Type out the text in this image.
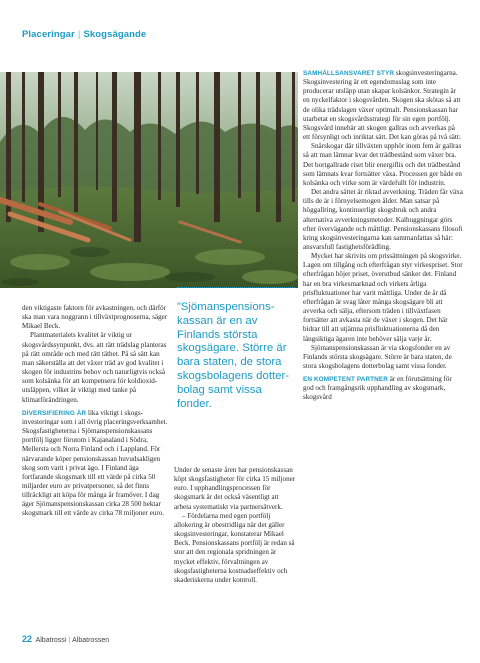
Placeringar | Skogsägande

den viktigaste faktorn för avkastningen, och därför ska man vara noggrann i tillväxtprognoserna, säger Mikael Beck.

Plantmaterialets kvalitet är viktig ur skogsvårdssynpunkt, dvs. att rätt trädslag planteras på rätt område och med rätt täthet. På så sätt kan man säkerställa att det växer träd av god kvalitet i skogen för industrins behov och naturligtvis också som kolsänka för att kompensera för koldioxidutsläppen, vilket är viktigt med tanke på klimatförändringen.

DIVERSIFIERING ÄR lika viktigt i skogsinvesteringar som i all övrig placeringsverksamhet. Skogsfastigheterna i Sjömanspensionskassans portfölj ligger förutom i Kajanaland i Södra, Mellersta och Norra Finland och i Lappland. För närvarande köper pensionskassan huvudsakligen skog som varit i privat ägo. I Finland äga fortfarande skogsmark till ett värde på cirka 50 miljarder euro av privatpersoner, så det finns tillräckligt att köpa för många år framöver. I dag äger Sjömanspensionskassan cirka 28 500 hektar skogsmark till ett värde av cirka 78 miljoner euro.

”Sjömanspensionskassan är en av Finlands största skogsägare. Större är bara staten, de stora skogsbolagens dotterbolag samt vissa fonder.

Under de senaste åren har pensionskassan köpt skogsfastigheter för cirka 15 miljoner euro. I upphandlingsprocessen för skogsmark är det också väsentligt att arbeta systematiskt via partnersätverk.

– Fördelarna med egen portfölj allokering är obestridliga när det gäller skogsinvesteringar, konstaterar Mikael Beck. Pensionskassans portfölj är redan så stor att den regionala spridningen är mycket effektiv, förvaltningen av skogsfastigheterna kostnadseffektiv och skaderiskerna under kontroll.

SAMHÄLLSANSVARET STYR skogsinvesteringarna. Skogsinvestering är ett egendomsslag som inte producerar utsläpp utan skapar kolsänkor. Strategin är en nyckelfaktor i skogsvården. Skogen ska skötas så att de olika trädslagen växer optimalt. Pensionskassan har utarbetat en skogsvårdsstrategi för sin egen portfölj. Skogsvård innebär att skogen gallras och avverkas på ett försynligt och inriktat sätt. Det kan göras på två sätt:

Snårskogar där tillväxten upphör inom fem år gallras så att man lämnar kvar det trädbestånd som växer bra. Det bortgallrade riset blir energiflis och det trädbestånd som lämnats kvar fortsätter växa. Processen ger både en kolsänka och virke som är värdefullt för industrin.

Det andra sättet är riktad avverkning. Träden får växa tills de är i förnyelsemogen ålder. Man satsar på höggallring, kontinuerligt skogsbruk och andra alternativa avverkningsmetoder. Kalhuggningar görs efter övervägande och måttligt. Pensionskassans filosofi kring skogsinvesteringarna kan sammanfattas så här: ansvarsfull fastighetsförädling.

Mycket har skrivits om prissättningen på skogsvirke. Lagen om tillgång och efterfrågan styr virkespriset. Stor efterfrågan höjer priset, överutbud sänker det. Finland har en bra virkesmarknad och virkets årliga prisfluktuationer har varit måttliga. Under de år då efterfrågan är svag låter många skogsägare bli att avverka och sälja, eftersom träden i tillväxtfasen fortsätter att avkasta när de växer i skogen. Det här bidrar till att utjämna prisfluktuationerna då den långsiktiga ägaren inte behöver sälja varje år.

Sjömanspensionskassan är via skogsfonder en av Finlands största skogsägare. Större är bara staten, de stora skogsbolagens dotterbolag samt vissa fonder.

EN KOMPETENT PARTNER är en förutsättning för god och framgångsrik upphandling av skogsmark, skogsvård

22 Albatrossi | Albatrossen
